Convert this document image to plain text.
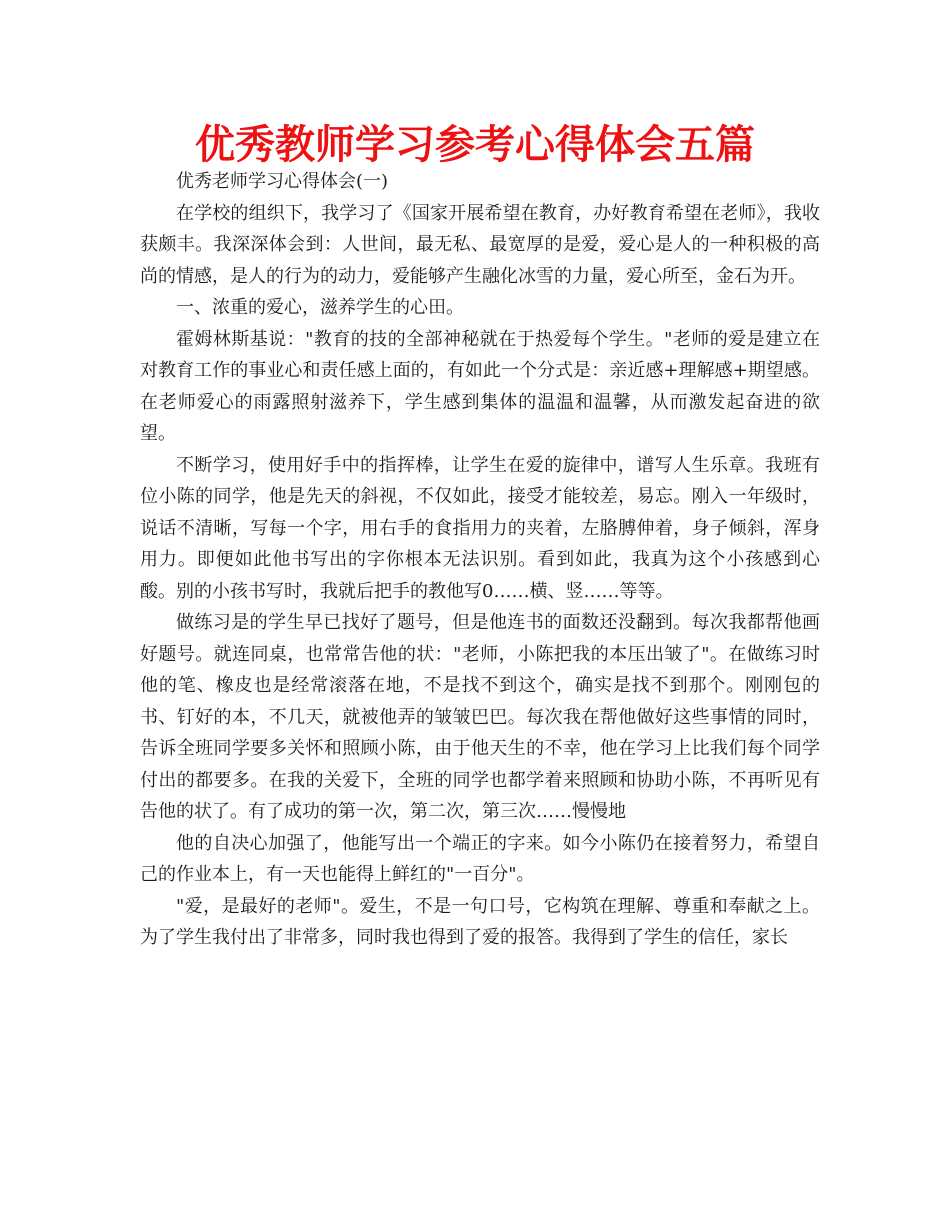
优秀教师学习参考心得体会五篇

优秀老师学习心得体会(一)

在学校的组织下，我学习了《国家开展希望在教育，办好教育希望在老师》，我收获颇丰。我深深体会到：人世间，最无私、最宽厚的是爱，爱心是人的一种积极的高尚的情感，是人的行为的动力，爱能够产生融化冰雪的力量，爱心所至，金石为开。

一、浓重的爱心，滋养学生的心田。

霍姆林斯基说："教育的技的全部神秘就在于热爱每个学生。"老师的爱是建立在对教育工作的事业心和责任感上面的，有如此一个分式是：亲近感+理解感+期望感。在老师爱心的雨露照射滋养下，学生感到集体的温温和温馨，从而激发起奋进的欲望。

不断学习，使用好手中的指挥棒，让学生在爱的旋律中，谱写人生乐章。我班有位小陈的同学，他是先天的斜视，不仅如此，接受才能较差，易忘。刚入一年级时，说话不清晰，写每一个字，用右手的食指用力的夹着，左胳膊伸着，身子倾斜，浑身用力。即便如此他书写出的字你根本无法识别。看到如此，我真为这个小孩感到心酸。别的小孩书写时，我就后把手的教他写0……横、竖……等等。

做练习是的学生早已找好了题号，但是他连书的面数还没翻到。每次我都帮他画好题号。就连同桌，也常常告他的状："老师，小陈把我的本压出皱了"。在做练习时他的笔、橡皮也是经常滚落在地，不是找不到这个，确实是找不到那个。刚刚包的书、钉好的本，不几天，就被他弄的皱皱巴巴。每次我在帮他做好这些事情的同时，告诉全班同学要多关怀和照顾小陈，由于他天生的不幸，他在学习上比我们每个同学付出的都要多。在我的关爱下，全班的同学也都学着来照顾和协助小陈，不再听见有告他的状了。有了成功的第一次，第二次，第三次……慢慢地

他的自决心加强了，他能写出一个端正的字来。如今小陈仍在接着努力，希望自己的作业本上，有一天也能得上鲜红的"一百分"。

"爱，是最好的老师"。爱生，不是一句口号，它构筑在理解、尊重和奉献之上。为了学生我付出了非常多，同时我也得到了爱的报答。我得到了学生的信任，家长
